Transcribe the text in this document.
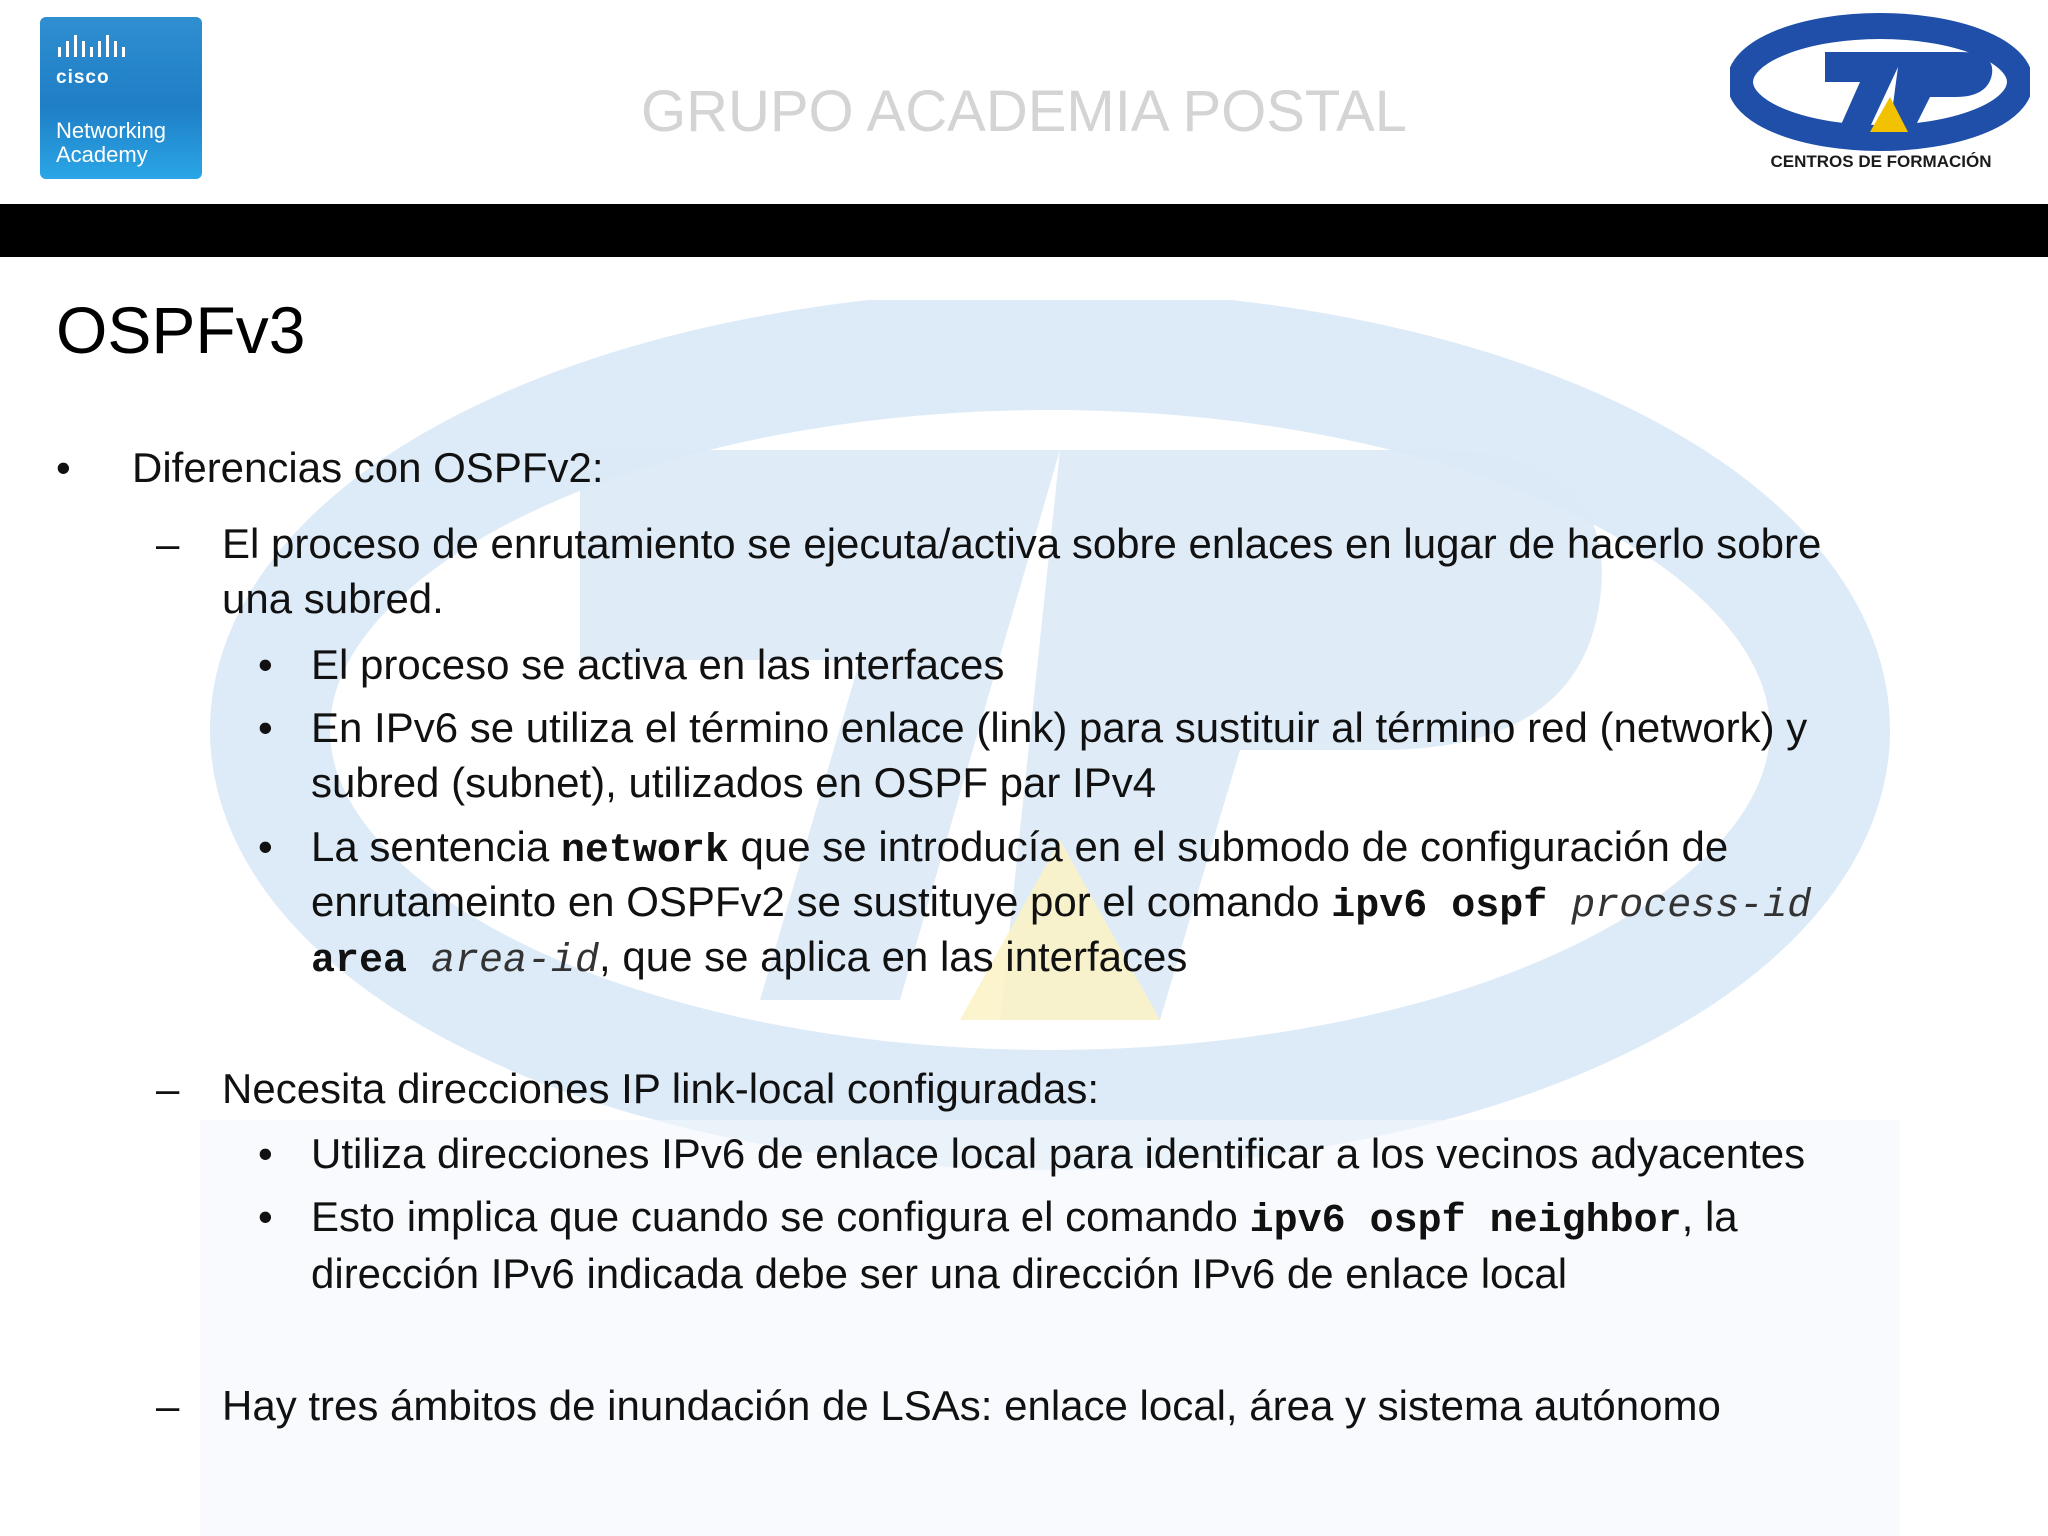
cisco
Networking
Academy
GRUPO ACADEMIA POSTAL
CENTROS DE FORMACIÓN
OSPFv3
• Diferencias con OSPFv2:
– El proceso de enrutamiento se ejecuta/activa sobre enlaces en lugar de hacerlo sobre
una subred.
• El proceso se activa en las interfaces
• En IPv6 se utiliza el término enlace (link) para sustituir al término red (network) y
subred (subnet), utilizados en OSPF par IPv4
• La sentencia network que se introducía en el submodo de configuración de
enrutameinto en OSPFv2 se sustituye por el comando ipv6 ospf process-id
area area-id, que se aplica en las interfaces
– Necesita direcciones IP link-local configuradas:
• Utiliza direcciones IPv6 de enlace local para identificar a los vecinos adyacentes
• Esto implica que cuando se configura el comando ipv6 ospf neighbor, la
dirección IPv6 indicada debe ser una dirección IPv6 de enlace local
– Hay tres ámbitos de inundación de LSAs: enlace local, área y sistema autónomo
